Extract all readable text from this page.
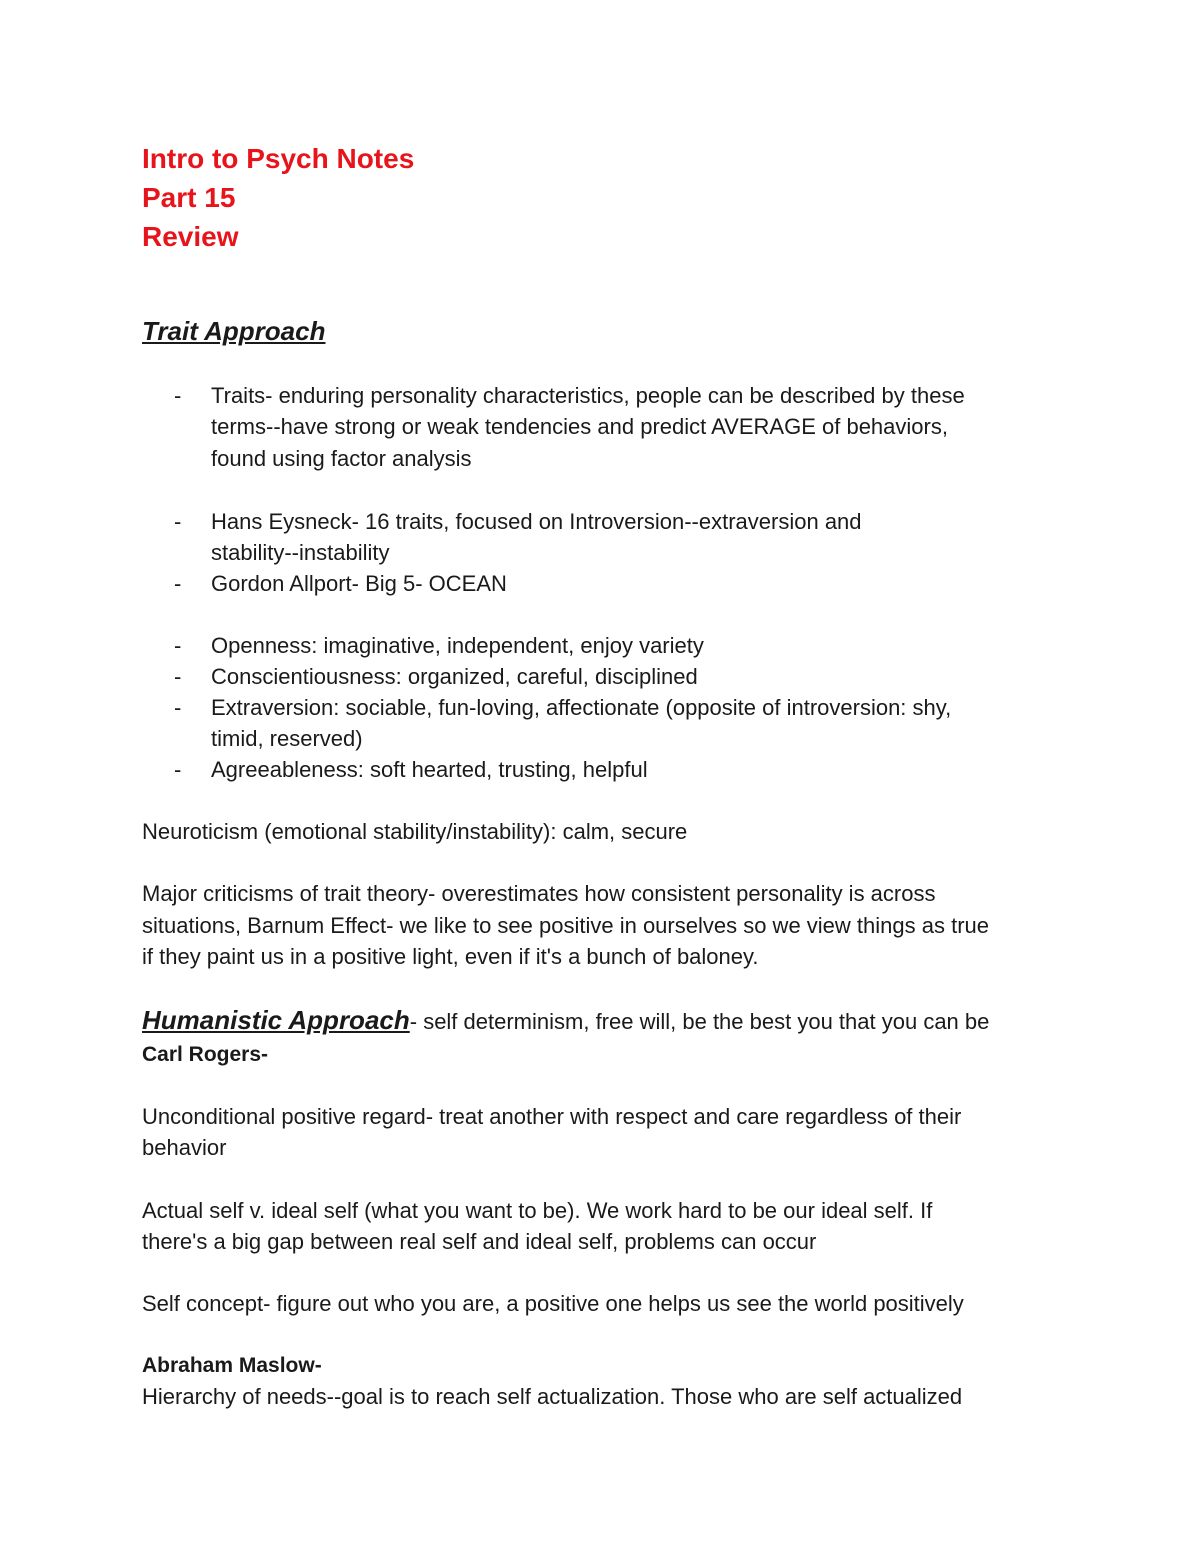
Intro to Psych Notes
Part 15
Review
Trait Approach
- Traits- enduring personality characteristics, people can be described by these
terms--have strong or weak tendencies and predict AVERAGE of behaviors,
found using factor analysis
- Hans Eysneck- 16 traits, focused on Introversion--extraversion and
stability--instability
- Gordon Allport- Big 5- OCEAN
- Openness: imaginative, independent, enjoy variety
- Conscientiousness: organized, careful, disciplined
- Extraversion: sociable, fun-loving, affectionate (opposite of introversion: shy,
timid, reserved)
- Agreeableness: soft hearted, trusting, helpful
Neuroticism (emotional stability/instability): calm, secure
Major criticisms of trait theory- overestimates how consistent personality is across
situations, Barnum Effect- we like to see positive in ourselves so we view things as true
if they paint us in a positive light, even if it's a bunch of baloney.
Humanistic Approach- self determinism, free will, be the best you that you can be
Carl Rogers-
Unconditional positive regard- treat another with respect and care regardless of their
behavior
Actual self v. ideal self (what you want to be). We work hard to be our ideal self. If
there's a big gap between real self and ideal self, problems can occur
Self concept- figure out who you are, a positive one helps us see the world positively
Abraham Maslow-
Hierarchy of needs--goal is to reach self actualization. Those who are self actualized
